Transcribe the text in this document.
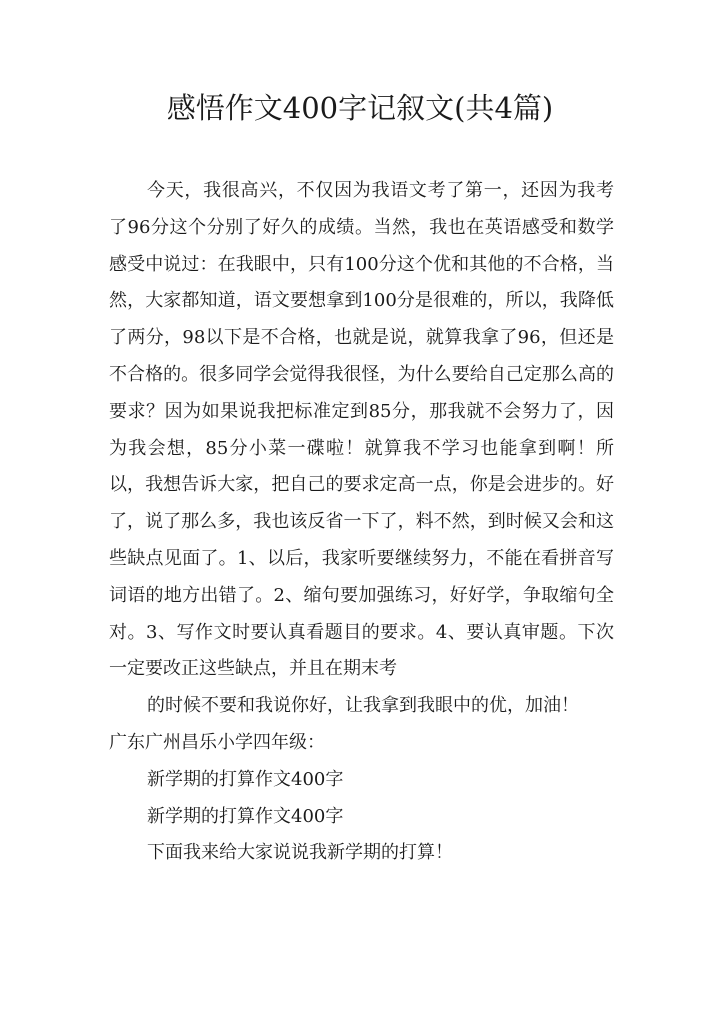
感悟作文400字记叙文(共4篇)

今天，我很高兴，不仅因为我语文考了第一，还因为我考了96分这个分别了好久的成绩。当然，我也在英语感受和数学感受中说过：在我眼中，只有100分这个优和其他的不合格，当然，大家都知道，语文要想拿到100分是很难的，所以，我降低了两分，98以下是不合格，也就是说，就算我拿了96，但还是不合格的。很多同学会觉得我很怪，为什么要给自己定那么高的要求？因为如果说我把标准定到85分，那我就不会努力了，因为我会想，85分小菜一碟啦！就算我不学习也能拿到啊！所以，我想告诉大家，把自己的要求定高一点，你是会进步的。好了，说了那么多，我也该反省一下了，料不然，到时候又会和这些缺点见面了。1、以后，我家听要继续努力，不能在看拼音写词语的地方出错了。2、缩句要加强练习，好好学，争取缩句全对。3、写作文时要认真看题目的要求。4、要认真审题。下次一定要改正这些缺点，并且在期末考

的时候不要和我说你好，让我拿到我眼中的优，加油！

广东广州昌乐小学四年级：

新学期的打算作文400字

新学期的打算作文400字

下面我来给大家说说我新学期的打算！
